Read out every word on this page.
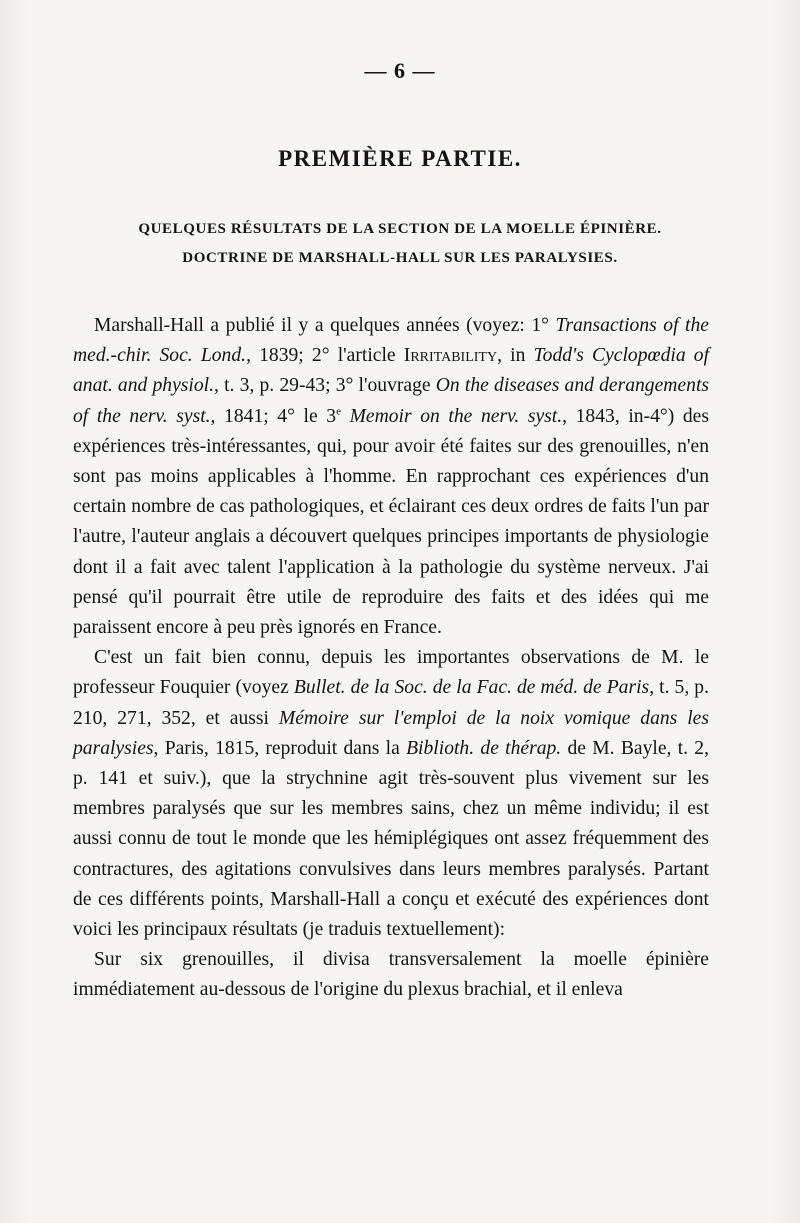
— 6 —
PREMIÈRE PARTIE.
QUELQUES RÉSULTATS DE LA SECTION DE LA MOELLE ÉPINIÈRE.
DOCTRINE DE MARSHALL-HALL SUR LES PARALYSIES.

Marshall-Hall a publié il y a quelques années (voyez: 1° Transactions of the med.-chir. Soc. Lond., 1839; 2° l'article Irritability, in Todd's Cyclopœdia of anat. and physiol., t. 3, p. 29-43; 3° l'ouvrage On the diseases and derangements of the nerv. syst., 1841; 4° le 3e Memoir on the nerv. syst., 1843, in-4°) des expériences très-intéressantes, qui, pour avoir été faites sur des grenouilles, n'en sont pas moins applicables à l'homme. En rapprochant ces expériences d'un certain nombre de cas pathologiques, et éclairant ces deux ordres de faits l'un par l'autre, l'auteur anglais a découvert quelques principes importants de physiologie dont il a fait avec talent l'application à la pathologie du système nerveux. J'ai pensé qu'il pourrait être utile de reproduire des faits et des idées qui me paraissent encore à peu près ignorés en France.

C'est un fait bien connu, depuis les importantes observations de M. le professeur Fouquier (voyez Bullet. de la Soc. de la Fac. de méd. de Paris, t. 5, p. 210, 271, 352, et aussi Mémoire sur l'emploi de la noix vomique dans les paralysies, Paris, 1815, reproduit dans la Biblioth. de thérap. de M. Bayle, t. 2, p. 141 et suiv.), que la strychnine agit très-souvent plus vivement sur les membres paralysés que sur les membres sains, chez un même individu; il est aussi connu de tout le monde que les hémiplégiques ont assez fréquemment des contractures, des agitations convulsives dans leurs membres paralysés. Partant de ces différents points, Marshall-Hall a conçu et exécuté des expériences dont voici les principaux résultats (je traduis textuellement):

Sur six grenouilles, il divisa transversalement la moelle épinière immédiatement au-dessous de l'origine du plexus brachial, et il enleva
